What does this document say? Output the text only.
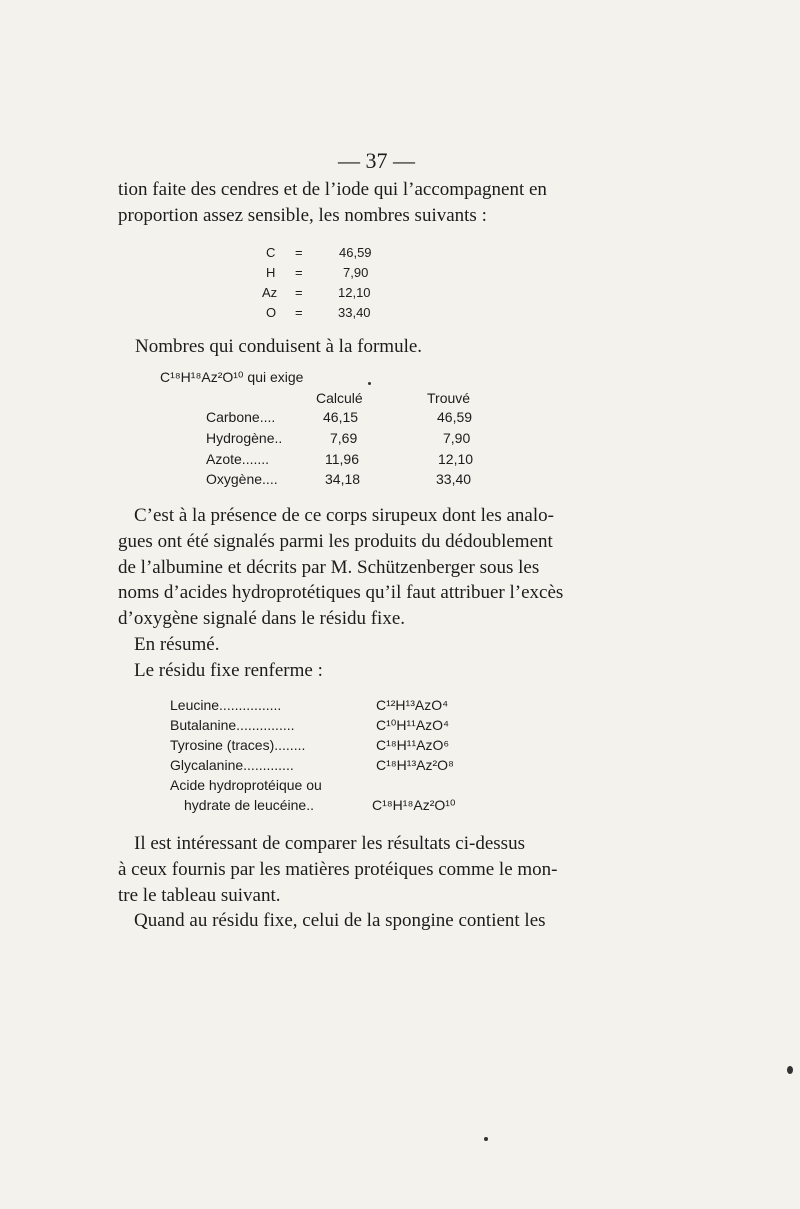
— 37 —
tion faite des cendres et de l’iode qui l’accompagnent en
proportion assez sensible, les nombres suivants :
C =	46,59
H =	7,90
Az =	12,10
O =	33,40
Nombres qui conduisent à la formule.
C¹⁸H¹⁸Az²O¹⁰ qui exige
Calculé	Trouvé
Carbone....	46,15	46,59
Hydrogène..	7,69	7,90
Azote.......	11,96	12,10
Oxygène....	34,18	33,40
C’est à la présence de ce corps sirupeux dont les analo-
gues ont été signalés parmi les produits du dédoublement
de l’albumine et décrits par M. Schützenberger sous les
noms d’acides hydroprotétiques qu’il faut attribuer l’excès
d’oxygène signalé dans le résidu fixe.
En résumé.
Le résidu fixe renferme :
Leucine................	C¹²H¹³AzO⁴
Butalanine...............	C¹⁰H¹¹AzO⁴
Tyrosine (traces)........	C¹⁸H¹¹AzO⁶
Glycalanine.............	C¹⁸H¹³Az²O⁸
Acide hydroprotéique ou
hydrate de leucéine..	C¹⁸H¹⁸Az²O¹⁰
Il est intéressant de comparer les résultats ci-dessus
à ceux fournis par les matières protéiques comme le mon-
tre le tableau suivant.
Quand au résidu fixe, celui de la spongine contient les
